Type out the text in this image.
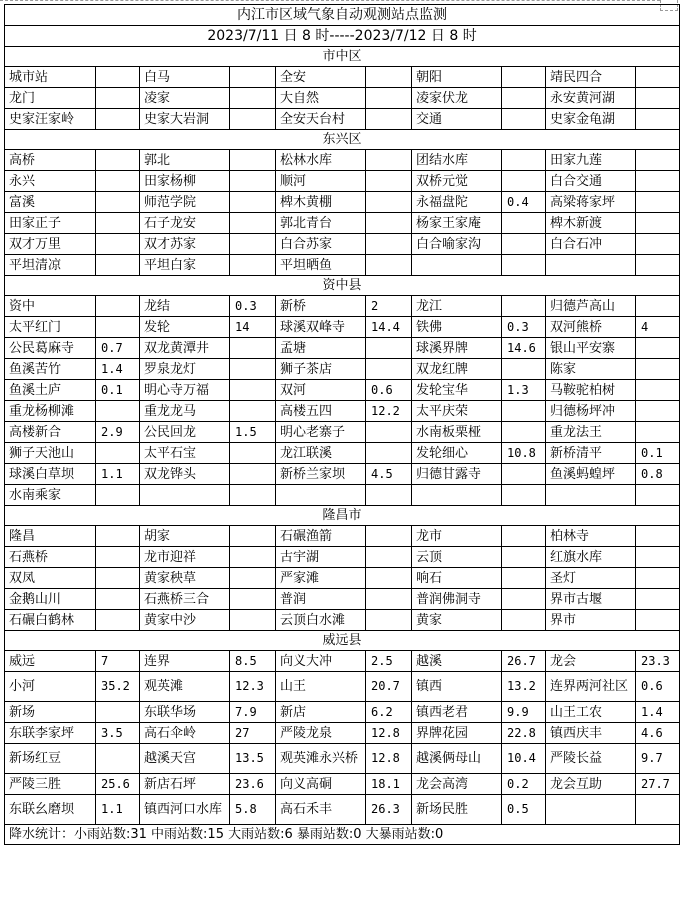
内江市区域气象自动观测站点监测									
2023/7/11 日 8 时-----2023/7/12 日 8 时									
市中区									
城市站		白马		全安		朝阳		靖民四合	
龙门		凌家		大自然		凌家伏龙		永安黄河湖	
史家汪家岭		史家大岩洞		全安天台村		交通		史家金龟湖	
东兴区									
高桥		郭北		松林水库		团结水库		田家九莲	
永兴		田家杨柳		顺河		双桥元觉		白合交通	
富溪		师范学院		椑木黄棚		永福盘陀	0.4	高梁蒋家坪	
田家正子		石子龙安		郭北青台		杨家王家庵		椑木新渡	
双才万里		双才苏家		白合苏家		白合喻家沟		白合石冲	
平坦清凉		平坦白家		平坦晒鱼					
资中县									
资中		龙结	0.3	新桥	2	龙江		归德芦高山	
太平红门		发轮	14	球溪双峰寺	14.4	铁佛	0.3	双河熊桥	4
公民葛麻寺	0.7	双龙黄潭井		孟塘		球溪界牌	14.6	银山平安寨	
鱼溪苦竹	1.4	罗泉龙灯		狮子茶店		双龙红牌		陈家	
鱼溪土庐	0.1	明心寺万福		双河	0.6	发轮宝华	1.3	马鞍驼柏树	
重龙杨柳滩		重龙龙马		高楼五四	12.2	太平庆荣		归德杨坪冲	
高楼新合	2.9	公民回龙	1.5	明心老寨子		水南板栗桠		重龙法王	
狮子天池山		太平石宝		龙江联溪		发轮细心	10.8	新桥清平	0.1
球溪白草坝	1.1	双龙铧头		新桥兰家坝	4.5	归德甘露寺		鱼溪蚂蝗坪	0.8
水南乘家									
隆昌市									
隆昌		胡家		石碾渔箭		龙市		柏林寺	
石燕桥		龙市迎祥		古宇湖		云顶		红旗水库	
双凤		黄家秧草		严家滩		响石		圣灯	
金鹅山川		石燕桥三合		普润		普润佛洞寺		界市古堰	
石碾白鹤林		黄家中沙		云顶白水滩		黄家		界市	
威远县									
威远	7	连界	8.5	向义大冲	2.5	越溪	26.7	龙会	23.3
小河	35.2	观英滩	12.3	山王	20.7	镇西	13.2	连界两河社区	0.6
新场		东联华场	7.9	新店	6.2	镇西老君	9.9	山王工农	1.4
东联李家坪	3.5	高石伞岭	27	严陵龙泉	12.8	界牌花园	22.8	镇西庆丰	4.6
新场红豆		越溪天宫	13.5	观英滩永兴桥	12.8	越溪俩母山	10.4	严陵长益	9.7
严陵三胜	25.6	新店石坪	23.6	向义高硐	18.1	龙会高湾	0.2	龙会互助	27.7
东联幺磨坝	1.1	镇西河口水库	5.8	高石禾丰	26.3	新场民胜	0.5		
降水统计：小雨站数:31 中雨站数:15 大雨站数:6 暴雨站数:0 大暴雨站数:0									
